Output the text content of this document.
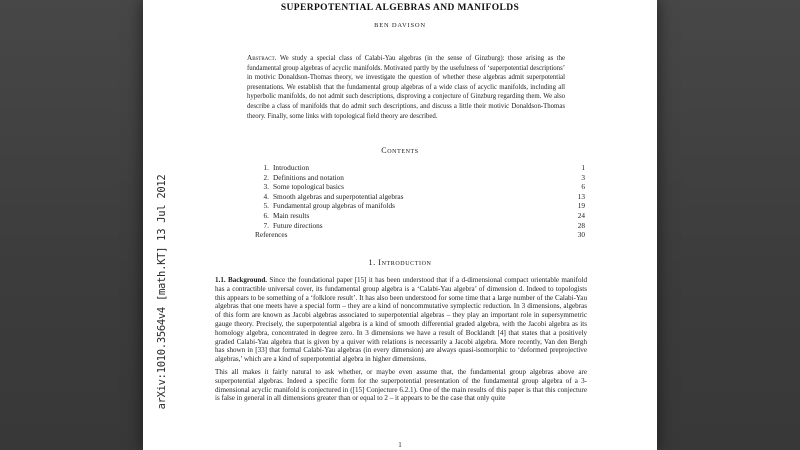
SUPERPOTENTIAL ALGEBRAS AND MANIFOLDS
BEN DAVISON
Abstract. We study a special class of Calabi-Yau algebras (in the sense of Ginzburg): those arising as the fundamental group algebras of acyclic manifolds. Motivated partly by the usefulness of ‘superpotential descriptions’ in motivic Donaldson-Thomas theory, we investigate the question of whether these algebras admit superpotential presentations. We establish that the fundamental group algebras of a wide class of acyclic manifolds, including all hyperbolic manifolds, do not admit such descriptions, disproving a conjecture of Ginzburg regarding them. We also describe a class of manifolds that do admit such descriptions, and discuss a little their motivic Donaldson-Thomas theory. Finally, some links with topological field theory are described.
Contents
1. Introduction	1
2. Definitions and notation	3
3. Some topological basics	6
4. Smooth algebras and superpotential algebras	13
5. Fundamental group algebras of manifolds	19
6. Main results	24
7. Future directions	28
References	30
1. Introduction

1.1. Background. Since the foundational paper [15] it has been understood that if a d-dimensional compact orientable manifold has a contractible universal cover, its fundamental group algebra is a ‘Calabi-Yau algebra’ of dimension d. Indeed to topologists this appears to be something of a ‘folklore result’. It has also been understood for some time that a large number of the Calabi-Yau algebras that one meets have a special form – they are a kind of noncommutative symplectic reduction. In 3 dimensions, algebras of this form are known as Jacobi algebras associated to superpotential algebras – they play an important role in supersymmetric gauge theory. Precisely, the superpotential algebra is a kind of smooth differential graded algebra, with the Jacobi algebra as its homology algebra, concentrated in degree zero. In 3 dimensions we have a result of Bocklandt [4] that states that a positively graded Calabi-Yau algebra that is given by a quiver with relations is necessarily a Jacobi algebra. More recently, Van den Bergh has shown in [33] that formal Calabi-Yau algebras (in every dimension) are always quasi-isomorphic to ‘deformed preprojective algebras,’ which are a kind of superpotential algebra in higher dimensions.

This all makes it fairly natural to ask whether, or maybe even assume that, the fundamental group algebras above are superpotential algebras. Indeed a specific form for the superpotential presentation of the fundamental group algebra of a 3-dimensional acyclic manifold is conjectured in ([15] Conjecture 6.2.1). One of the main results of this paper is that this conjecture is false in general in all dimensions greater than or equal to 2 – it appears to be the case that only quite

1
arXiv:1010.3564v4 [math.KT] 13 Jul 2012
